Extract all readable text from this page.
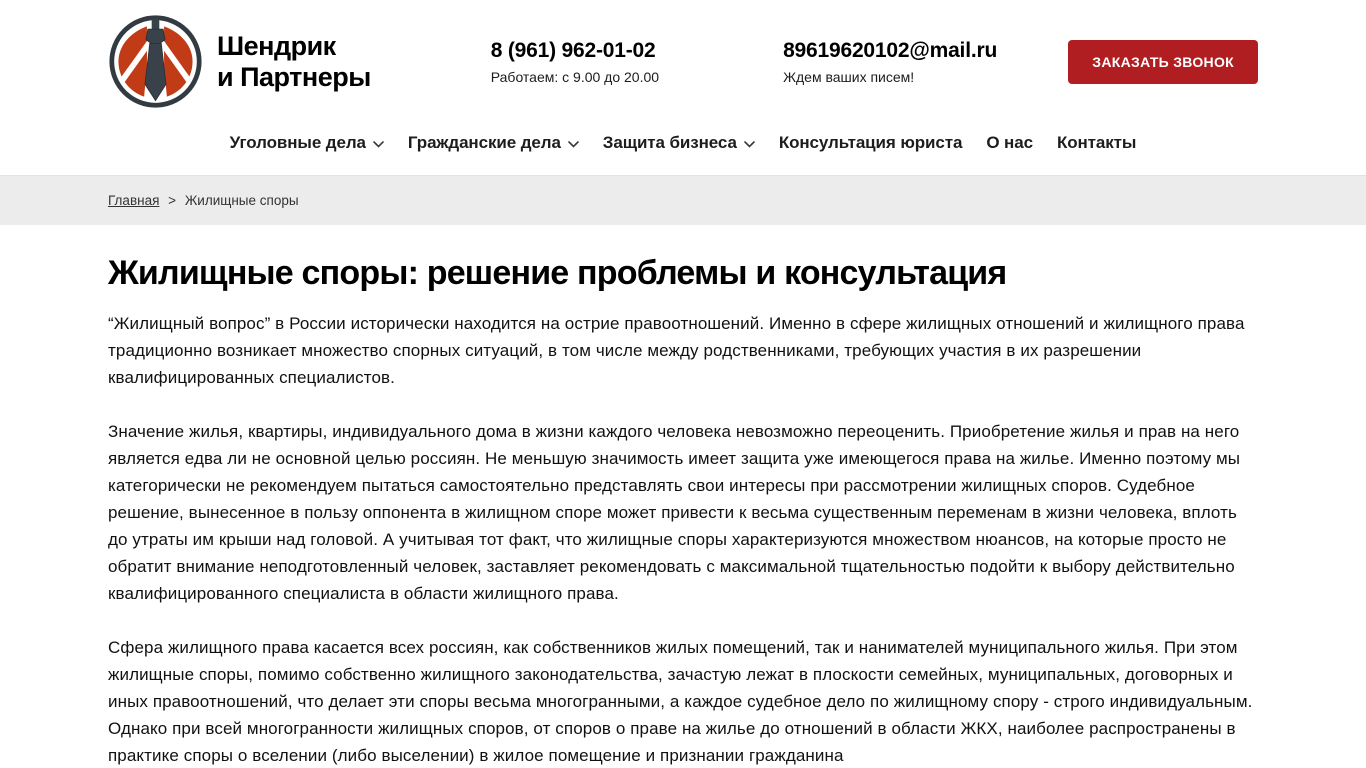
Шендрик
и Партнеры
8 (961) 962-01-02
Работаем: с 9.00 до 20.00
89619620102@mail.ru
Ждем ваших писем!
ЗАКАЗАТЬ ЗВОНОК
Уголовные дела Гражданские дела Защита бизнеса Консультация юриста О нас Контакты
Главная > Жилищные споры
Жилищные споры: решение проблемы и консультация

“Жилищный вопрос” в России исторически находится на острие правоотношений. Именно в сфере жилищных отношений и жилищного права традиционно возникает множество спорных ситуаций, в том числе между родственниками, требующих участия в их разрешении квалифицированных специалистов.

Значение жилья, квартиры, индивидуального дома в жизни каждого человека невозможно переоценить. Приобретение жилья и прав на него является едва ли не основной целью россиян. Не меньшую значимость имеет защита уже имеющегося права на жилье. Именно поэтому мы категорически не рекомендуем пытаться самостоятельно представлять свои интересы при рассмотрении жилищных споров. Судебное решение, вынесенное в пользу оппонента в жилищном споре может привести к весьма существенным переменам в жизни человека, вплоть до утраты им крыши над головой. А учитывая тот факт, что жилищные споры характеризуются множеством нюансов, на которые просто не обратит внимание неподготовленный человек, заставляет рекомендовать с максимальной тщательностью подойти к выбору действительно квалифицированного специалиста в области жилищного права.

Сфера жилищного права касается всех россиян, как собственников жилых помещений, так и нанимателей муниципального жилья. При этом жилищные споры, помимо собственно жилищного законодательства, зачастую лежат в плоскости семейных, муниципальных, договорных и иных правоотношений, что делает эти споры весьма многогранными, а каждое судебное дело по жилищному спору - строго индивидуальным. Однако при всей многогранности жилищных споров, от споров о праве на жилье до отношений в области ЖКХ, наиболее распространены в практике споры о вселении (либо выселении) в жилое помещение и признании гражданина
